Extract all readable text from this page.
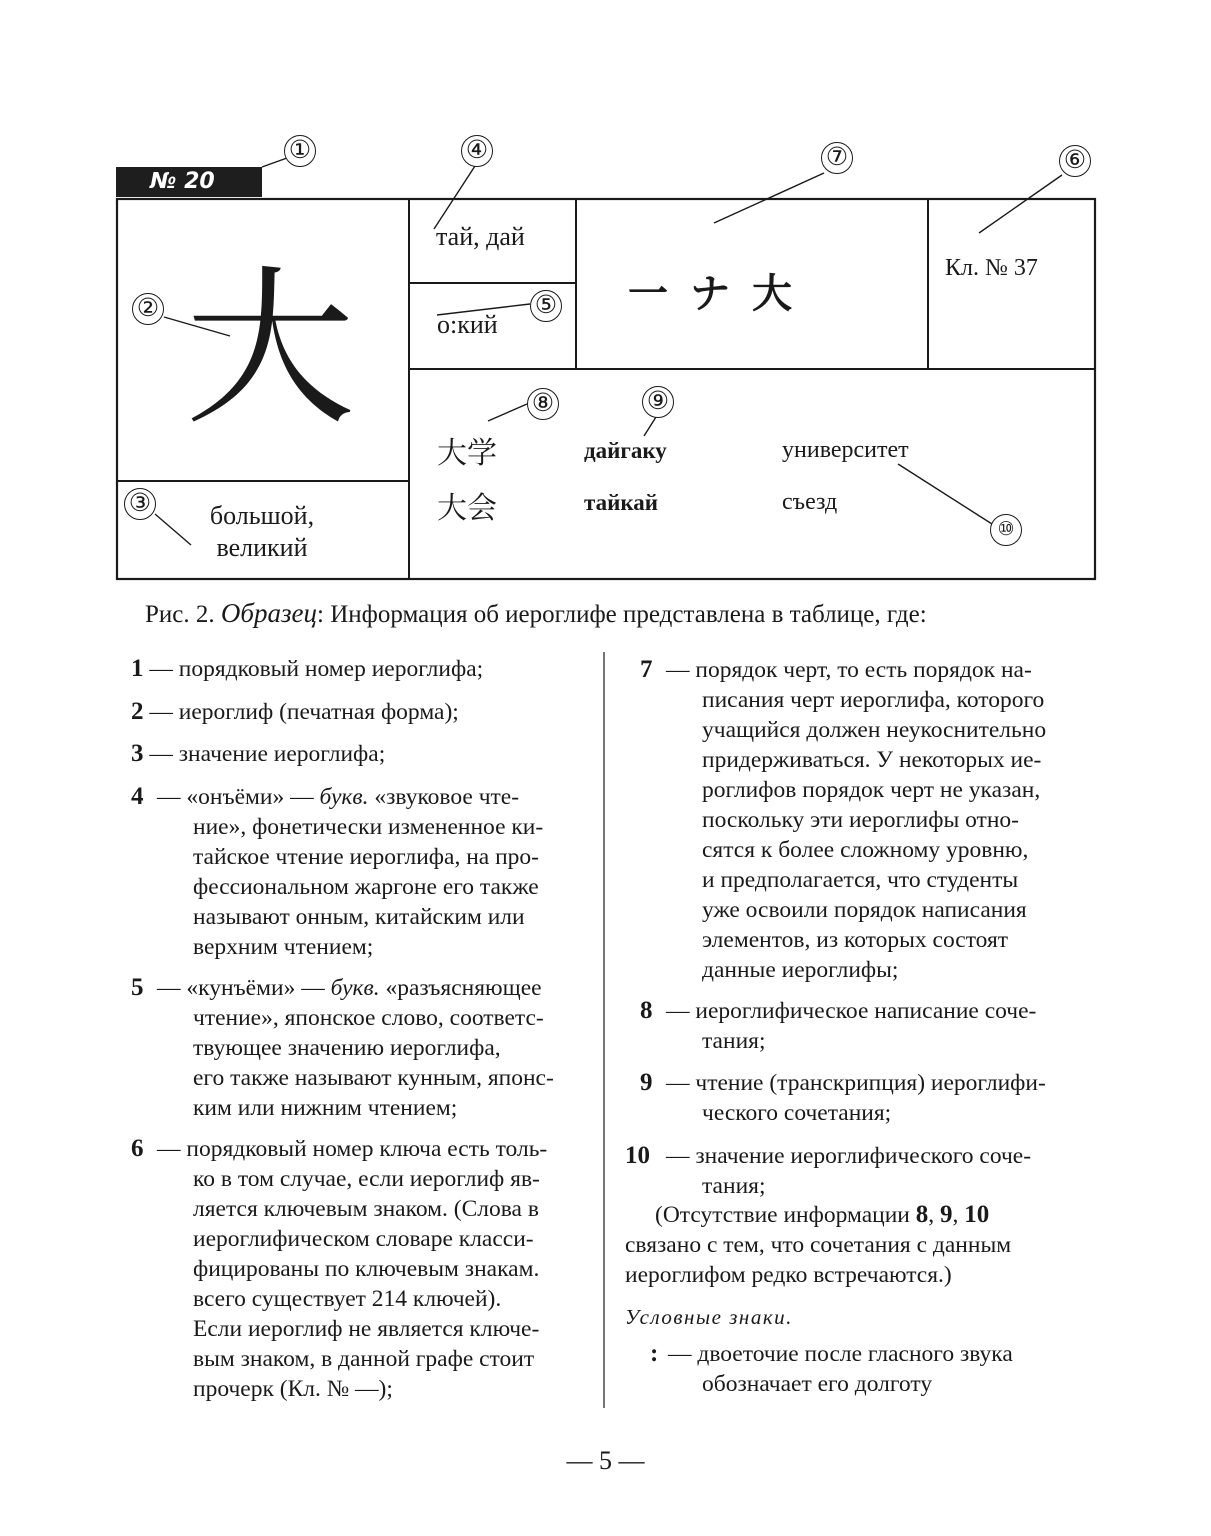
№ 20
①
②
③
④
⑤
⑥
⑦
⑧	⑨
⑩
大
большой,
великий
тай, дай
о:кий
一 ナ 大
Кл. № 37
大学	дайгаку	университет
大会	тайкай	съезд
Рис. 2. Образец: Информация об иероглифе представлена в таблице, где:
1 — порядковый номер иероглифа;
2 — иероглиф (печатная форма);
3 — значение иероглифа;
4 — «онъёми» — букв. «звуковое чте-
ние», фонетически измененное ки-
тайское чтение иероглифа, на про-
фессиональном жаргоне его также
называют онным, китайским или
верхним чтением;
5 — «кунъёми» — букв. «разъясняющее
чтение», японское слово, соответс-
твующее значению иероглифа,
его также называют кунным, японс-
ким или нижним чтением;
6 — порядковый номер ключа есть толь-
ко в том случае, если иероглиф яв-
ляется ключевым знаком. (Слова в
иероглифическом словаре класси-
фицированы по ключевым знакам.
всего существует 214 ключей).
Если иероглиф не является ключе-
вым знаком, в данной графе стоит
прочерк (Кл. № —);
7 — порядок черт, то есть порядок на-
писания черт иероглифа, которого
учащийся должен неукоснительно
придерживаться. У некоторых ие-
роглифов порядок черт не указан,
поскольку эти иероглифы отно-
сятся к более сложному уровню,
и предполагается, что студенты
уже освоили порядок написания
элементов, из которых состоят
данные иероглифы;
8 — иероглифическое написание соче-
тания;
9 — чтение (транскрипция) иероглифи-
ческого сочетания;
10 — значение иероглифического соче-
тания;
(Отсутствие информации 8, 9, 10
связано с тем, что сочетания с данным
иероглифом редко встречаются.)
Условные знаки.
: — двоеточие после гласного звука
обозначает его долготу
— 5 —
